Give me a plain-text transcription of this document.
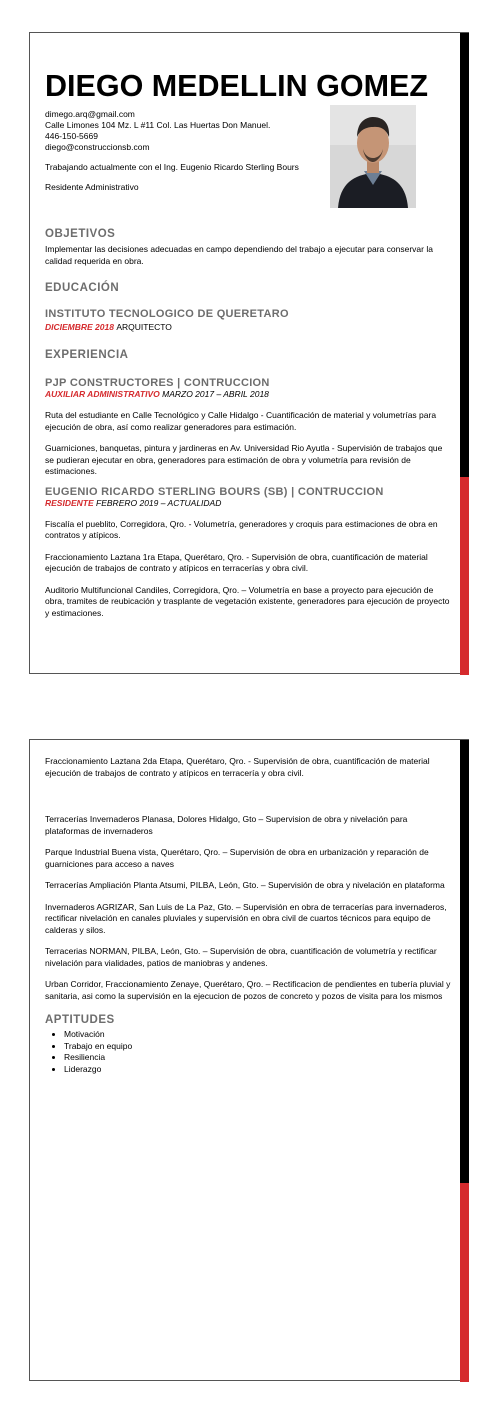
DIEGO MEDELLIN GOMEZ
dimego.arq@gmail.com
Calle Limones 104 Mz. L #11 Col. Las Huertas Don Manuel.
446-150-5669
diego@construccionsb.com
Trabajando actualmente con el Ing. Eugenio Ricardo Sterling Bours
Residente Administrativo
OBJETIVOS

Implementar las decisiones adecuadas en campo dependiendo del trabajo a ejecutar para conservar la calidad requerida en obra.

EDUCACIÓN
INSTITUTO TECNOLOGICO DE QUERETARO
DICIEMBRE 2018 ARQUITECTO
EXPERIENCIA
PJP CONSTRUCTORES | CONTRUCCION
AUXILIAR ADMINISTRATIVO MARZO 2017 – ABRIL 2018

Ruta del estudiante en Calle Tecnológico y Calle Hidalgo - Cuantificación de material y volumetrías para ejecución de obra, así como realizar generadores para estimación.

Guarniciones, banquetas, pintura y jardineras en Av. Universidad Rio Ayutla - Supervisión de trabajos que se pudieran ejecutar en obra, generadores para estimación de obra y volumetría para revisión de estimaciones.

EUGENIO RICARDO STERLING BOURS (SB) | CONTRUCCION
RESIDENTE FEBRERO 2019 – ACTUALIDAD

Fiscalía el pueblito, Corregidora, Qro. - Volumetría, generadores y croquis para estimaciones de obra en contratos y atípicos.

Fraccionamiento Laztana 1ra Etapa, Querétaro, Qro. - Supervisión de obra, cuantificación de material ejecución de trabajos de contrato y atípicos en terracerías y obra civil.

Auditorio Multifuncional Candiles, Corregidora, Qro. – Volumetría en base a proyecto para ejecución de obra, tramites de reubicación y trasplante de vegetación existente, generadores para ejecución de proyecto y estimaciones.

Fraccionamiento Laztana 2da Etapa, Querétaro, Qro. - Supervisión de obra, cuantificación de material ejecución de trabajos de contrato y atípicos en terracería y obra civil.

Terracerías Invernaderos Planasa, Dolores Hidalgo, Gto – Supervision de obra y nivelación para plataformas de invernaderos

Parque Industrial Buena vista, Querétaro, Qro. – Supervisión de obra en urbanización y reparación de guarniciones para acceso a naves

Terracerías Ampliación Planta Atsumi, PILBA, León, Gto. – Supervisión de obra y nivelación en plataforma

Invernaderos AGRIZAR, San Luis de La Paz, Gto. – Supervisión en obra de terracerías para invernaderos, rectificar nivelación en canales pluviales y supervisión en obra civil de cuartos técnicos para equipo de calderas y silos.

Terracerias NORMAN, PILBA, León, Gto. – Supervisión de obra, cuantificación de volumetría y rectificar nivelación para vialidades, patios de maniobras y andenes.

Urban Corridor, Fraccionamiento Zenaye, Querétaro, Qro. – Rectificacion de pendientes en tubería pluvial y sanitaria, asi como la supervisión en la ejecucion de pozos de concreto y pozos de visita para los mismos

APTITUDES
• Motivación
• Trabajo en equipo
• Resiliencia
• Liderazgo
